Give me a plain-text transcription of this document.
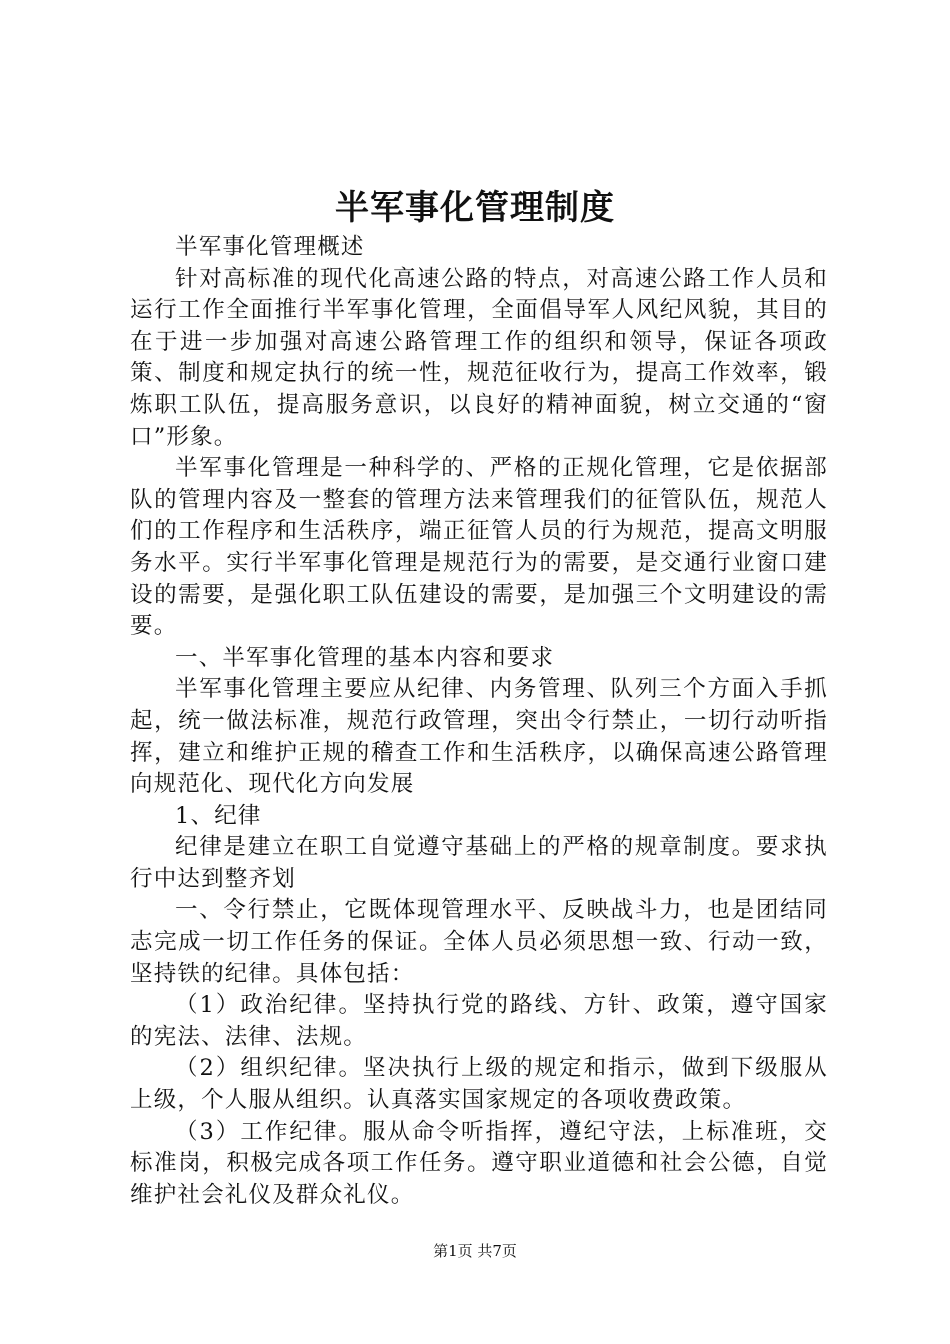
半军事化管理制度

半军事化管理概述

针对高标准的现代化高速公路的特点，对高速公路工作人员和运行工作全面推行半军事化管理，全面倡导军人风纪风貌，其目的在于进一步加强对高速公路管理工作的组织和领导，保证各项政策、制度和规定执行的统一性，规范征收行为，提高工作效率，锻炼职工队伍，提高服务意识，以良好的精神面貌，树立交通的“窗口”形象。

半军事化管理是一种科学的、严格的正规化管理，它是依据部队的管理内容及一整套的管理方法来管理我们的征管队伍，规范人们的工作程序和生活秩序，端正征管人员的行为规范，提高文明服务水平。实行半军事化管理是规范行为的需要，是交通行业窗口建设的需要，是强化职工队伍建设的需要，是加强三个文明建设的需要。

一、半军事化管理的基本内容和要求

半军事化管理主要应从纪律、内务管理、队列三个方面入手抓起，统一做法标准，规范行政管理，突出令行禁止，一切行动听指挥，建立和维护正规的稽查工作和生活秩序，以确保高速公路管理向规范化、现代化方向发展

1、纪律

纪律是建立在职工自觉遵守基础上的严格的规章制度。要求执行中达到整齐划

一、令行禁止，它既体现管理水平、反映战斗力，也是团结同志完成一切工作任务的保证。全体人员必须思想一致、行动一致，坚持铁的纪律。具体包括：

（1）政治纪律。坚持执行党的路线、方针、政策，遵守国家的宪法、法律、法规。

（2）组织纪律。坚决执行上级的规定和指示，做到下级服从上级，个人服从组织。认真落实国家规定的各项收费政策。

（3）工作纪律。服从命令听指挥，遵纪守法，上标准班，交标准岗，积极完成各项工作任务。遵守职业道德和社会公德，自觉维护社会礼仪及群众礼仪。

第1页 共7页
